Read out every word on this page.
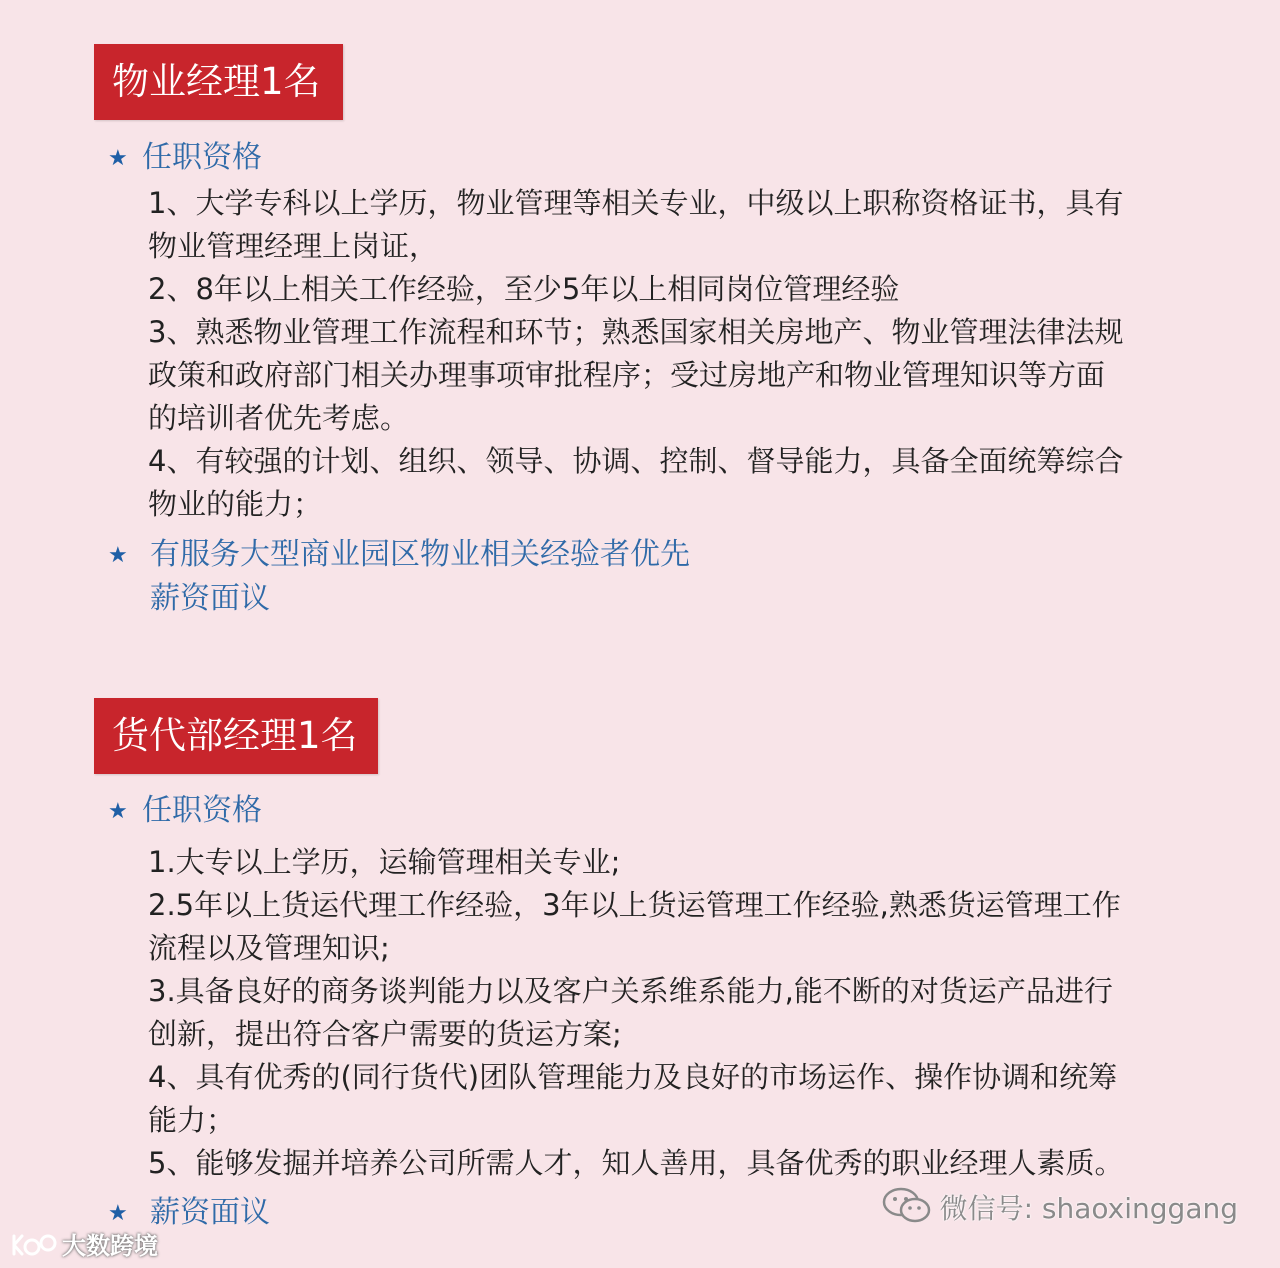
物业经理1名
★ 任职资格
1、大学专科以上学历，物业管理等相关专业，中级以上职称资格证书，具有
物业管理经理上岗证，
2、8年以上相关工作经验，至少5年以上相同岗位管理经验
3、熟悉物业管理工作流程和环节；熟悉国家相关房地产、物业管理法律法规
政策和政府部门相关办理事项审批程序；受过房地产和物业管理知识等方面
的培训者优先考虑。
4、有较强的计划、组织、领导、协调、控制、督导能力，具备全面统筹综合
物业的能力；
★ 有服务大型商业园区物业相关经验者优先
薪资面议
货代部经理1名
★ 任职资格
1.大专以上学历，运输管理相关专业;
2.5年以上货运代理工作经验，3年以上货运管理工作经验,熟悉货运管理工作
流程以及管理知识;
3.具备良好的商务谈判能力以及客户关系维系能力,能不断的对货运产品进行
创新，提出符合客户需要的货运方案;
4、具有优秀的(同行货代)团队管理能力及良好的市场运作、操作协调和统筹
能力；
5、能够发掘并培养公司所需人才，知人善用，具备优秀的职业经理人素质。
★ 薪资面议	微信号: shaoxinggang
大数跨境
